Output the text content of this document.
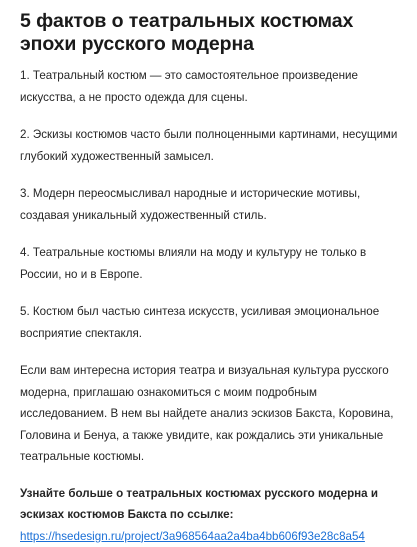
5 фактов о театральных костюмах эпохи русского модерна
1. Театральный костюм — это самостоятельное произведение искусства, а не просто одежда для сцены.
2. Эскизы костюмов часто были полноценными картинами, несущими глубокий художественный замысел.
3. Модерн переосмысливал народные и исторические мотивы, создавая уникальный художественный стиль.
4. Театральные костюмы влияли на моду и культуру не только в России, но и в Европе.
5. Костюм был частью синтеза искусств, усиливая эмоциональное восприятие спектакля.

Если вам интересна история театра и визуальная культура русского модерна, приглашаю ознакомиться с моим подробным исследованием. В нем вы найдете анализ эскизов Бакста, Коровина, Головина и Бенуа, а также увидите, как рождались эти уникальные театральные костюмы.

Узнайте больше о театральных костюмах русского модерна и эскизах костюмов Бакста по ссылке:

https://hsedesign.ru/project/3a968564aa2a4ba4bb606f93e28c8a54
